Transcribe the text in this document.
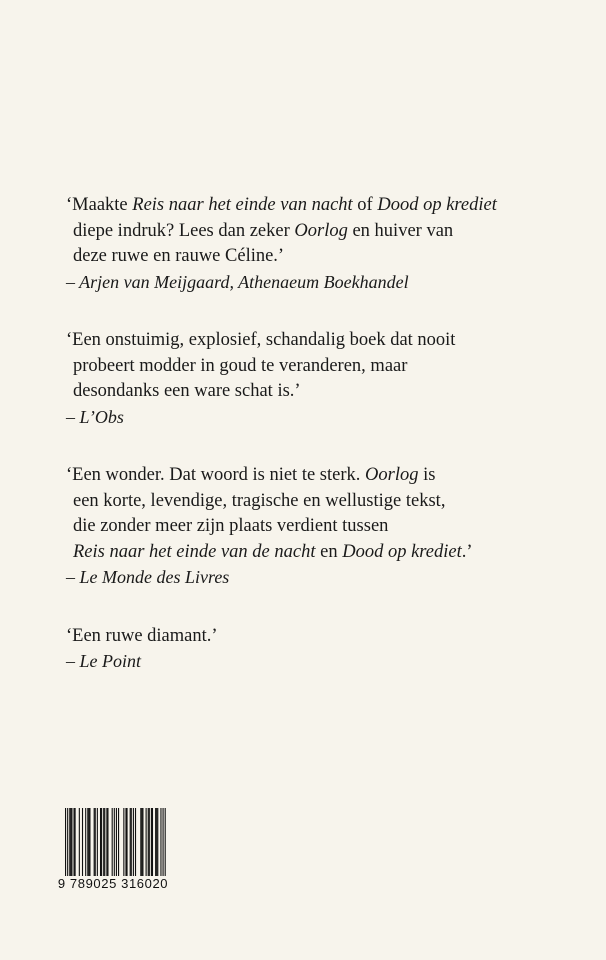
‘Maakte Reis naar het einde van nacht of Dood op krediet
diepe indruk? Lees dan zeker Oorlog en huiver van
deze ruwe en rauwe Céline.’
– Arjen van Meijgaard, Athenaeum Boekhandel
‘Een onstuimig, explosief, schandalig boek dat nooit
probeert modder in goud te veranderen, maar
desondanks een ware schat is.’
– L’Obs
‘Een wonder. Dat woord is niet te sterk. Oorlog is
een korte, levendige, tragische en wellustige tekst,
die zonder meer zijn plaats verdient tussen
Reis naar het einde van de nacht en Dood op krediet.’
– Le Monde des Livres
‘Een ruwe diamant.’
– Le Point
9 789025 316020
